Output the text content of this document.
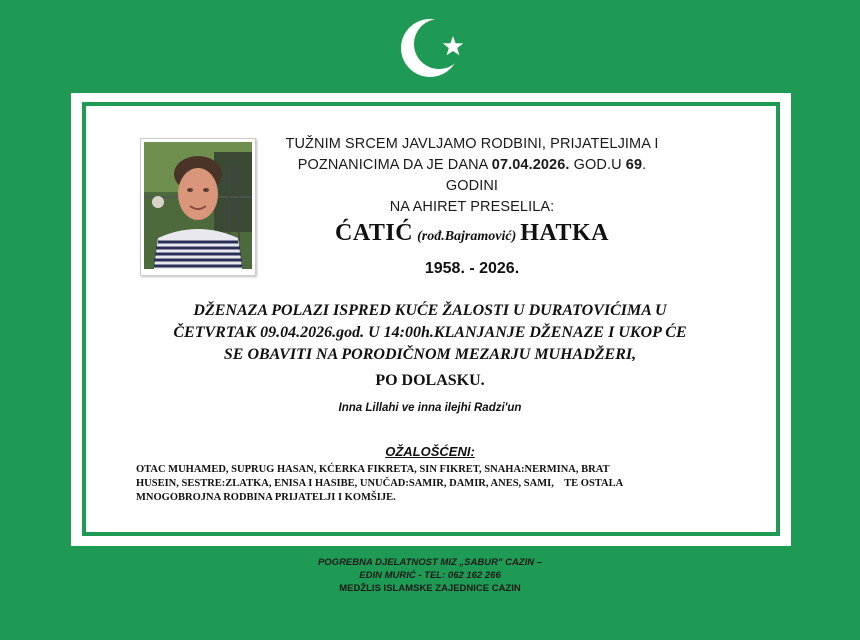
TUŽNIM SRCEM JAVLJAMO RODBINI, PRIJATELJIMA I
POZNANICIMA DA JE DANA 07.04.2026. GOD.U 69. GODINI
NA AHIRET PRESELILA:
ĆATIĆ (rođ.Bajramović) HATKA
1958. - 2026.
DŽENAZA POLAZI ISPRED KUĆE ŽALOSTI U DURATOVIĆIMA U
ČETVRTAK 09.04.2026.god. U 14:00h.KLANJANJE DŽENAZE I UKOP ĆE
SE OBAVITI NA PORODIČNOM MEZARJU MUHADŽERI,
PO DOLASKU.
Inna Lillahi ve inna ilejhi Radzi'un
OŽALOŠĆENI:
OTAC MUHAMED, SUPRUG HASAN, KĆERKA FIKRETA, SIN FIKRET, SNAHA:NERMINA, BRAT
HUSEIN, SESTRE:ZLATKA, ENISA I HASIBE, UNUČAD:SAMIR, DAMIR, ANES, SAMI,    TE OSTALA
MNOGOBROJNA RODBINA PRIJATELJI I KOMŠIJE.
POGREBNA DJELATNOST MIZ „SABUR" CAZIN –
EDIN MURIĆ - TEL: 062 162 266
MEDŽLIS ISLAMSKE ZAJEDNICE CAZIN
